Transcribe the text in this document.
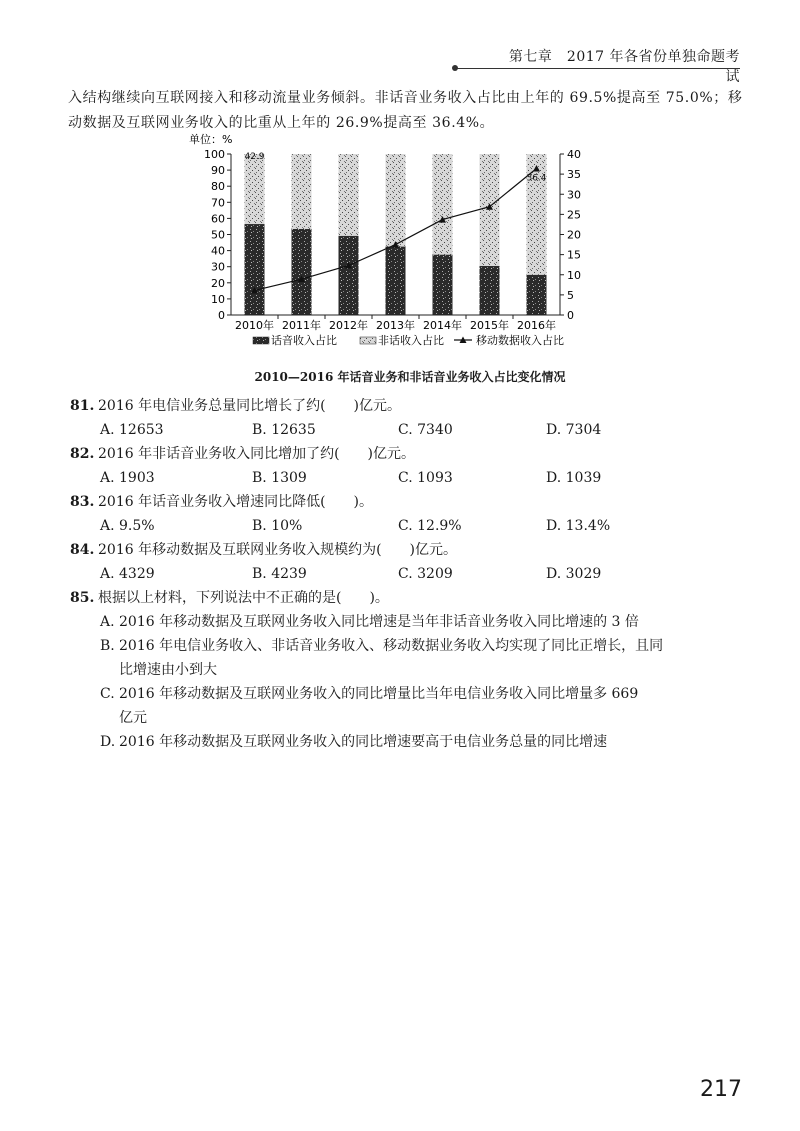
第七章　2017 年各省份单独命题考试
入结构继续向互联网接入和移动流量业务倾斜。非话音业务收入占比由上年的 69.5%提高至 75.0%；移动数据及互联网业务收入的比重从上年的 26.9%提高至 36.4%。
单位：%
0
10
20
30
40
50
60
70
80
90
100
0
5
10
15
20
25
30
35
40
42.9
36.4
2010年 2011年 2012年 2013年 2014年 2015年 2016年
话音收入占比	非话收入占比	移动数据收入占比
2010—2016 年话音业务和非话音业务收入占比变化情况
81. 2016 年电信业务总量同比增长了约(　　)亿元。
A. 12653	B. 12635	C. 7340	D. 7304
82. 2016 年非话音业务收入同比增加了约(　　)亿元。
A. 1903	B. 1309	C. 1093	D. 1039
83. 2016 年话音业务收入增速同比降低(　　)。
A. 9.5%	B. 10%	C. 12.9%	D. 13.4%
84. 2016 年移动数据及互联网业务收入规模约为(　　)亿元。
A. 4329	B. 4239	C. 3209	D. 3029
85. 根据以上材料，下列说法中不正确的是(　　)。
A. 2016 年移动数据及互联网业务收入同比增速是当年非话音业务收入同比增速的 3 倍
B. 2016 年电信业务收入、非话音业务收入、移动数据业务收入均实现了同比正增长，且同
比增速由小到大
C. 2016 年移动数据及互联网业务收入的同比增量比当年电信业务收入同比增量多 669
亿元
D. 2016 年移动数据及互联网业务收入的同比增速要高于电信业务总量的同比增速
217
